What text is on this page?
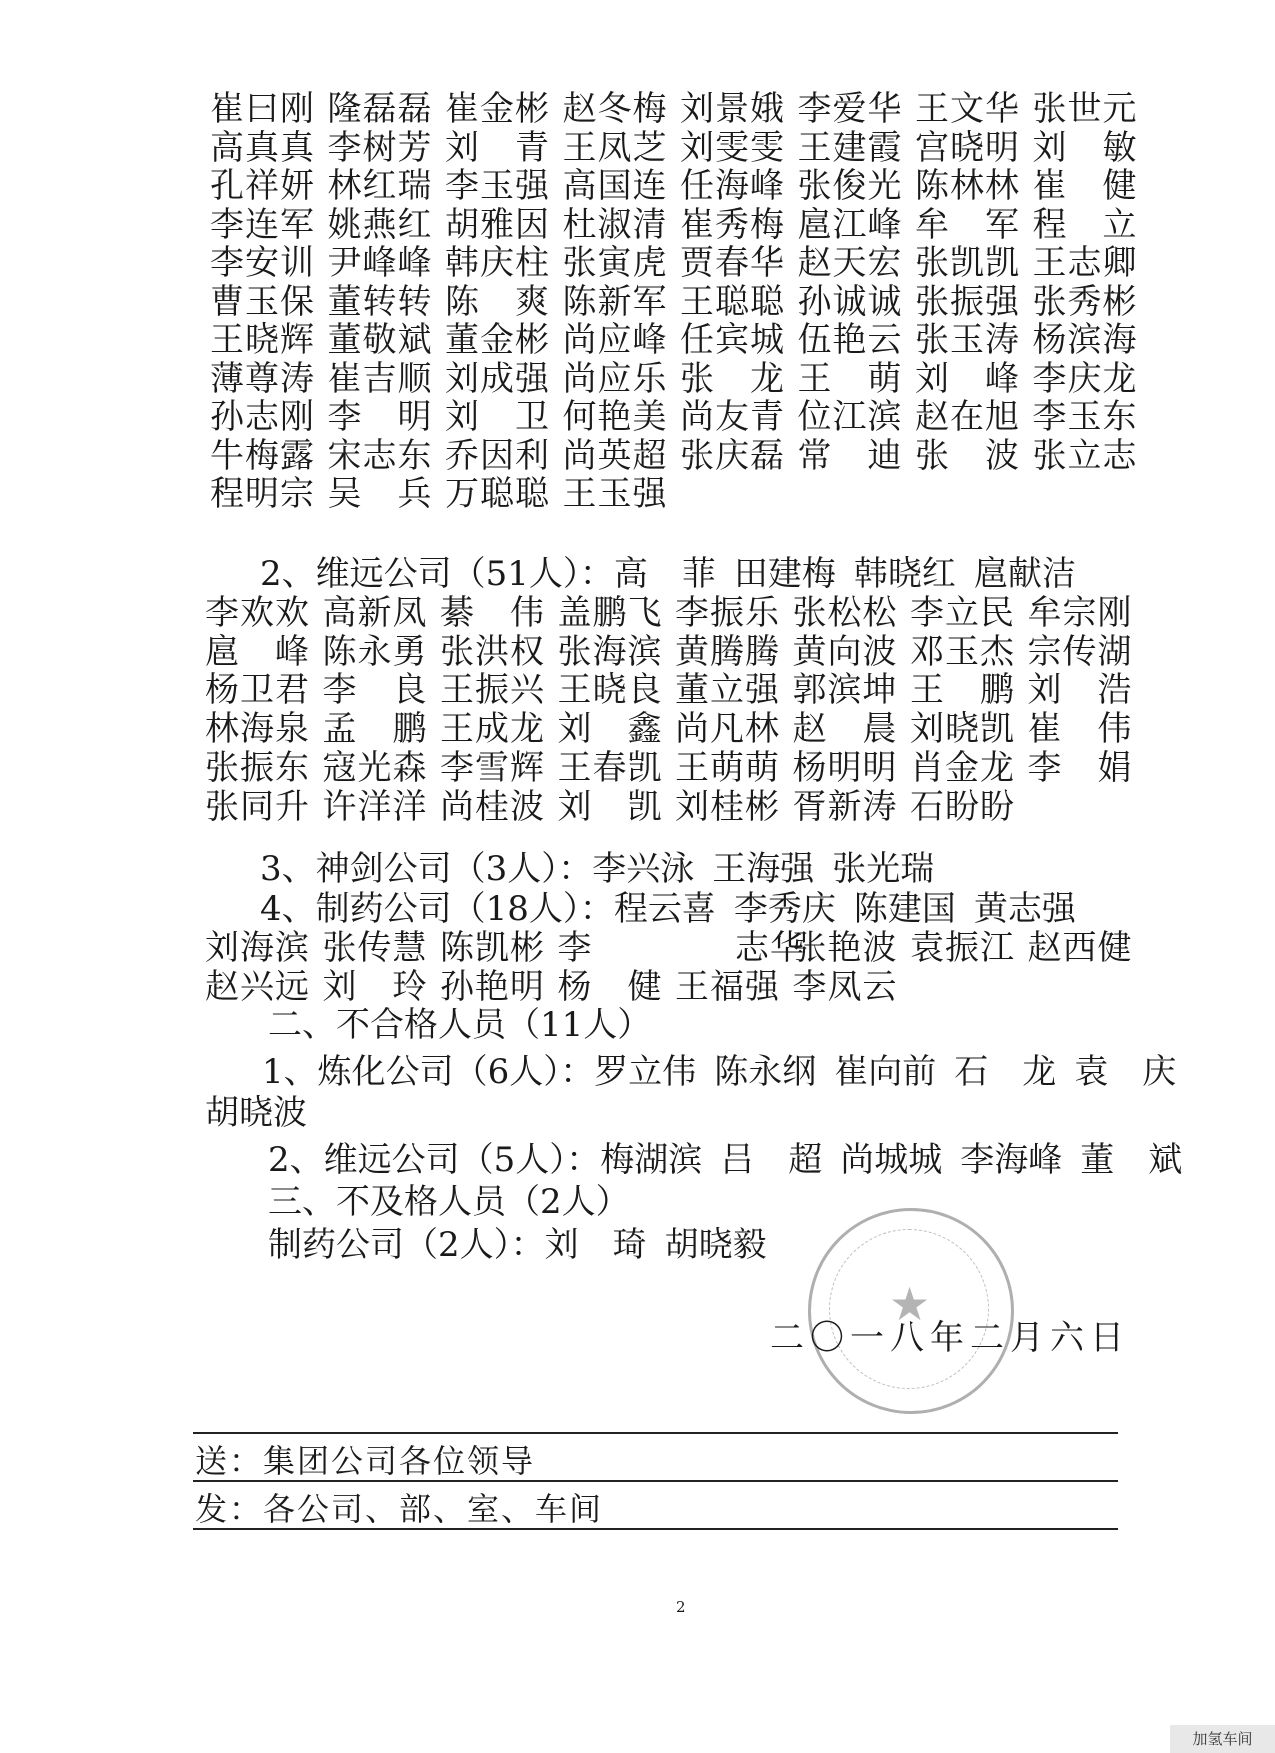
崔曰刚 隆磊磊 崔金彬 赵冬梅 刘景娥 李爱华 王文华 张世元
高真真 李树芳 刘　青 王凤芝 刘雯雯 王建霞 宫晓明 刘　敏
孔祥妍 林红瑞 李玉强 高国连 任海峰 张俊光 陈林林 崔　健
李连军 姚燕红 胡雅因 杜淑清 崔秀梅 扈江峰 牟　军 程　立
李安训 尹峰峰 韩庆柱 张寅虎 贾春华 赵天宏 张凯凯 王志卿
曹玉保 董转转 陈　爽 陈新军 王聪聪 孙诚诚 张振强 张秀彬
王晓辉 董敬斌 董金彬 尚应峰 任宾城 伍艳云 张玉涛 杨滨海
薄尊涛 崔吉顺 刘成强 尚应乐 张　龙 王　萌 刘　峰 李庆龙
孙志刚 李　明 刘　卫 何艳美 尚友青 位江滨 赵在旭 李玉东
牛梅露 宋志东 乔因利 尚英超 张庆磊 常　迪 张　波 张立志
程明宗 吴　兵 万聪聪 王玉强
2、维远公司（51人）：高　菲 田建梅 韩晓红 扈献洁
李欢欢 高新凤 綦　伟 盖鹏飞 李振乐 张松松 李立民 牟宗刚
扈　峰 陈永勇 张洪权 张海滨 黄腾腾 黄向波 邓玉杰 宗传湖
杨卫君 李　良 王振兴 王晓良 董立强 郭滨坤 王　鹏 刘　浩
林海泉 孟　鹏 王成龙 刘　鑫 尚凡林 赵　晨 刘晓凯 崔　伟
张振东 寇光森 李雪辉 王春凯 王萌萌 杨明明 肖金龙 李　娟
张同升 许洋洋 尚桂波 刘　凯 刘桂彬 胥新涛 石盼盼
3、神剑公司（3人）：李兴泳 王海强 张光瑞
4、制药公司（18人）：程云喜 李秀庆 陈建国 黄志强
刘海滨 张传慧 陈凯彬 李	志华
张艳波 袁振江 赵西健
赵兴远 刘　玲 孙艳明 杨　健 王福强 李凤云
二、不合格人员（11人）
1、炼化公司（6人）：罗立伟 陈永纲 崔向前 石　龙 袁　庆
胡晓波
2、维远公司（5人）：梅湖滨 吕　超 尚城城 李海峰 董　斌
三、不及格人员（2人）
制药公司（2人）：刘　琦 胡晓毅
★
二〇一八年二月六日
送：集团公司各位领导
发：各公司、部、室、车间
2
加氢车间
